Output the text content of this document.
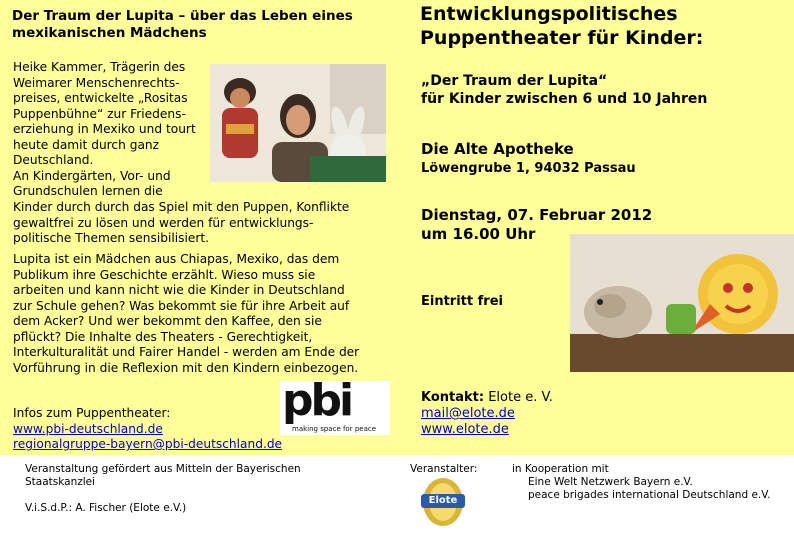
Der Traum der Lupita – über das Leben eines
mexikanischen Mädchens
Heike Kammer, Trägerin des
Weimarer Menschenrechts-
preises, entwickelte „Rositas
Puppenbühne“ zur Friedens-
erziehung in Mexiko und tourt
heute damit durch ganz
Deutschland.
An Kindergärten, Vor- und
Grundschulen lernen die
Kinder durch durch das Spiel mit den Puppen, Konflikte
gewaltfrei zu lösen und werden für entwicklungs-
politische Themen sensibilisiert.
Lupita ist ein Mädchen aus Chiapas, Mexiko, das dem
Publikum ihre Geschichte erzählt. Wieso muss sie
arbeiten und kann nicht wie die Kinder in Deutschland
zur Schule gehen? Was bekommt sie für ihre Arbeit auf
dem Acker? Und wer bekommt den Kaffee, den sie
pflückt? Die Inhalte des Theaters - Gerechtigkeit,
Interkulturalität und Fairer Handel - werden am Ende der
Vorführung in die Reflexion mit den Kindern einbezogen.
Infos zum Puppentheater:
www.pbi-deutschland.de
regionalgruppe-bayern@pbi-deutschland.de
pbi
making space for peace
Entwicklungspolitisches
Puppentheater für Kinder:
„Der Traum der Lupita“
für Kinder zwischen 6 und 10 Jahren
Die Alte Apotheke
Löwengrube 1, 94032 Passau
Dienstag, 07. Februar 2012
um 16.00 Uhr
Eintritt frei
Kontakt: Elote e. V.
mail@elote.de
www.elote.de
Veranstaltung gefördert aus Mitteln der Bayerischen
Staatskanzlei
V.i.S.d.P.: A. Fischer (Elote e.V.)
Veranstalter:	in Kooperation mit
Eine Welt Netzwerk Bayern e.V.
peace brigades international Deutschland e.V.
Elote
